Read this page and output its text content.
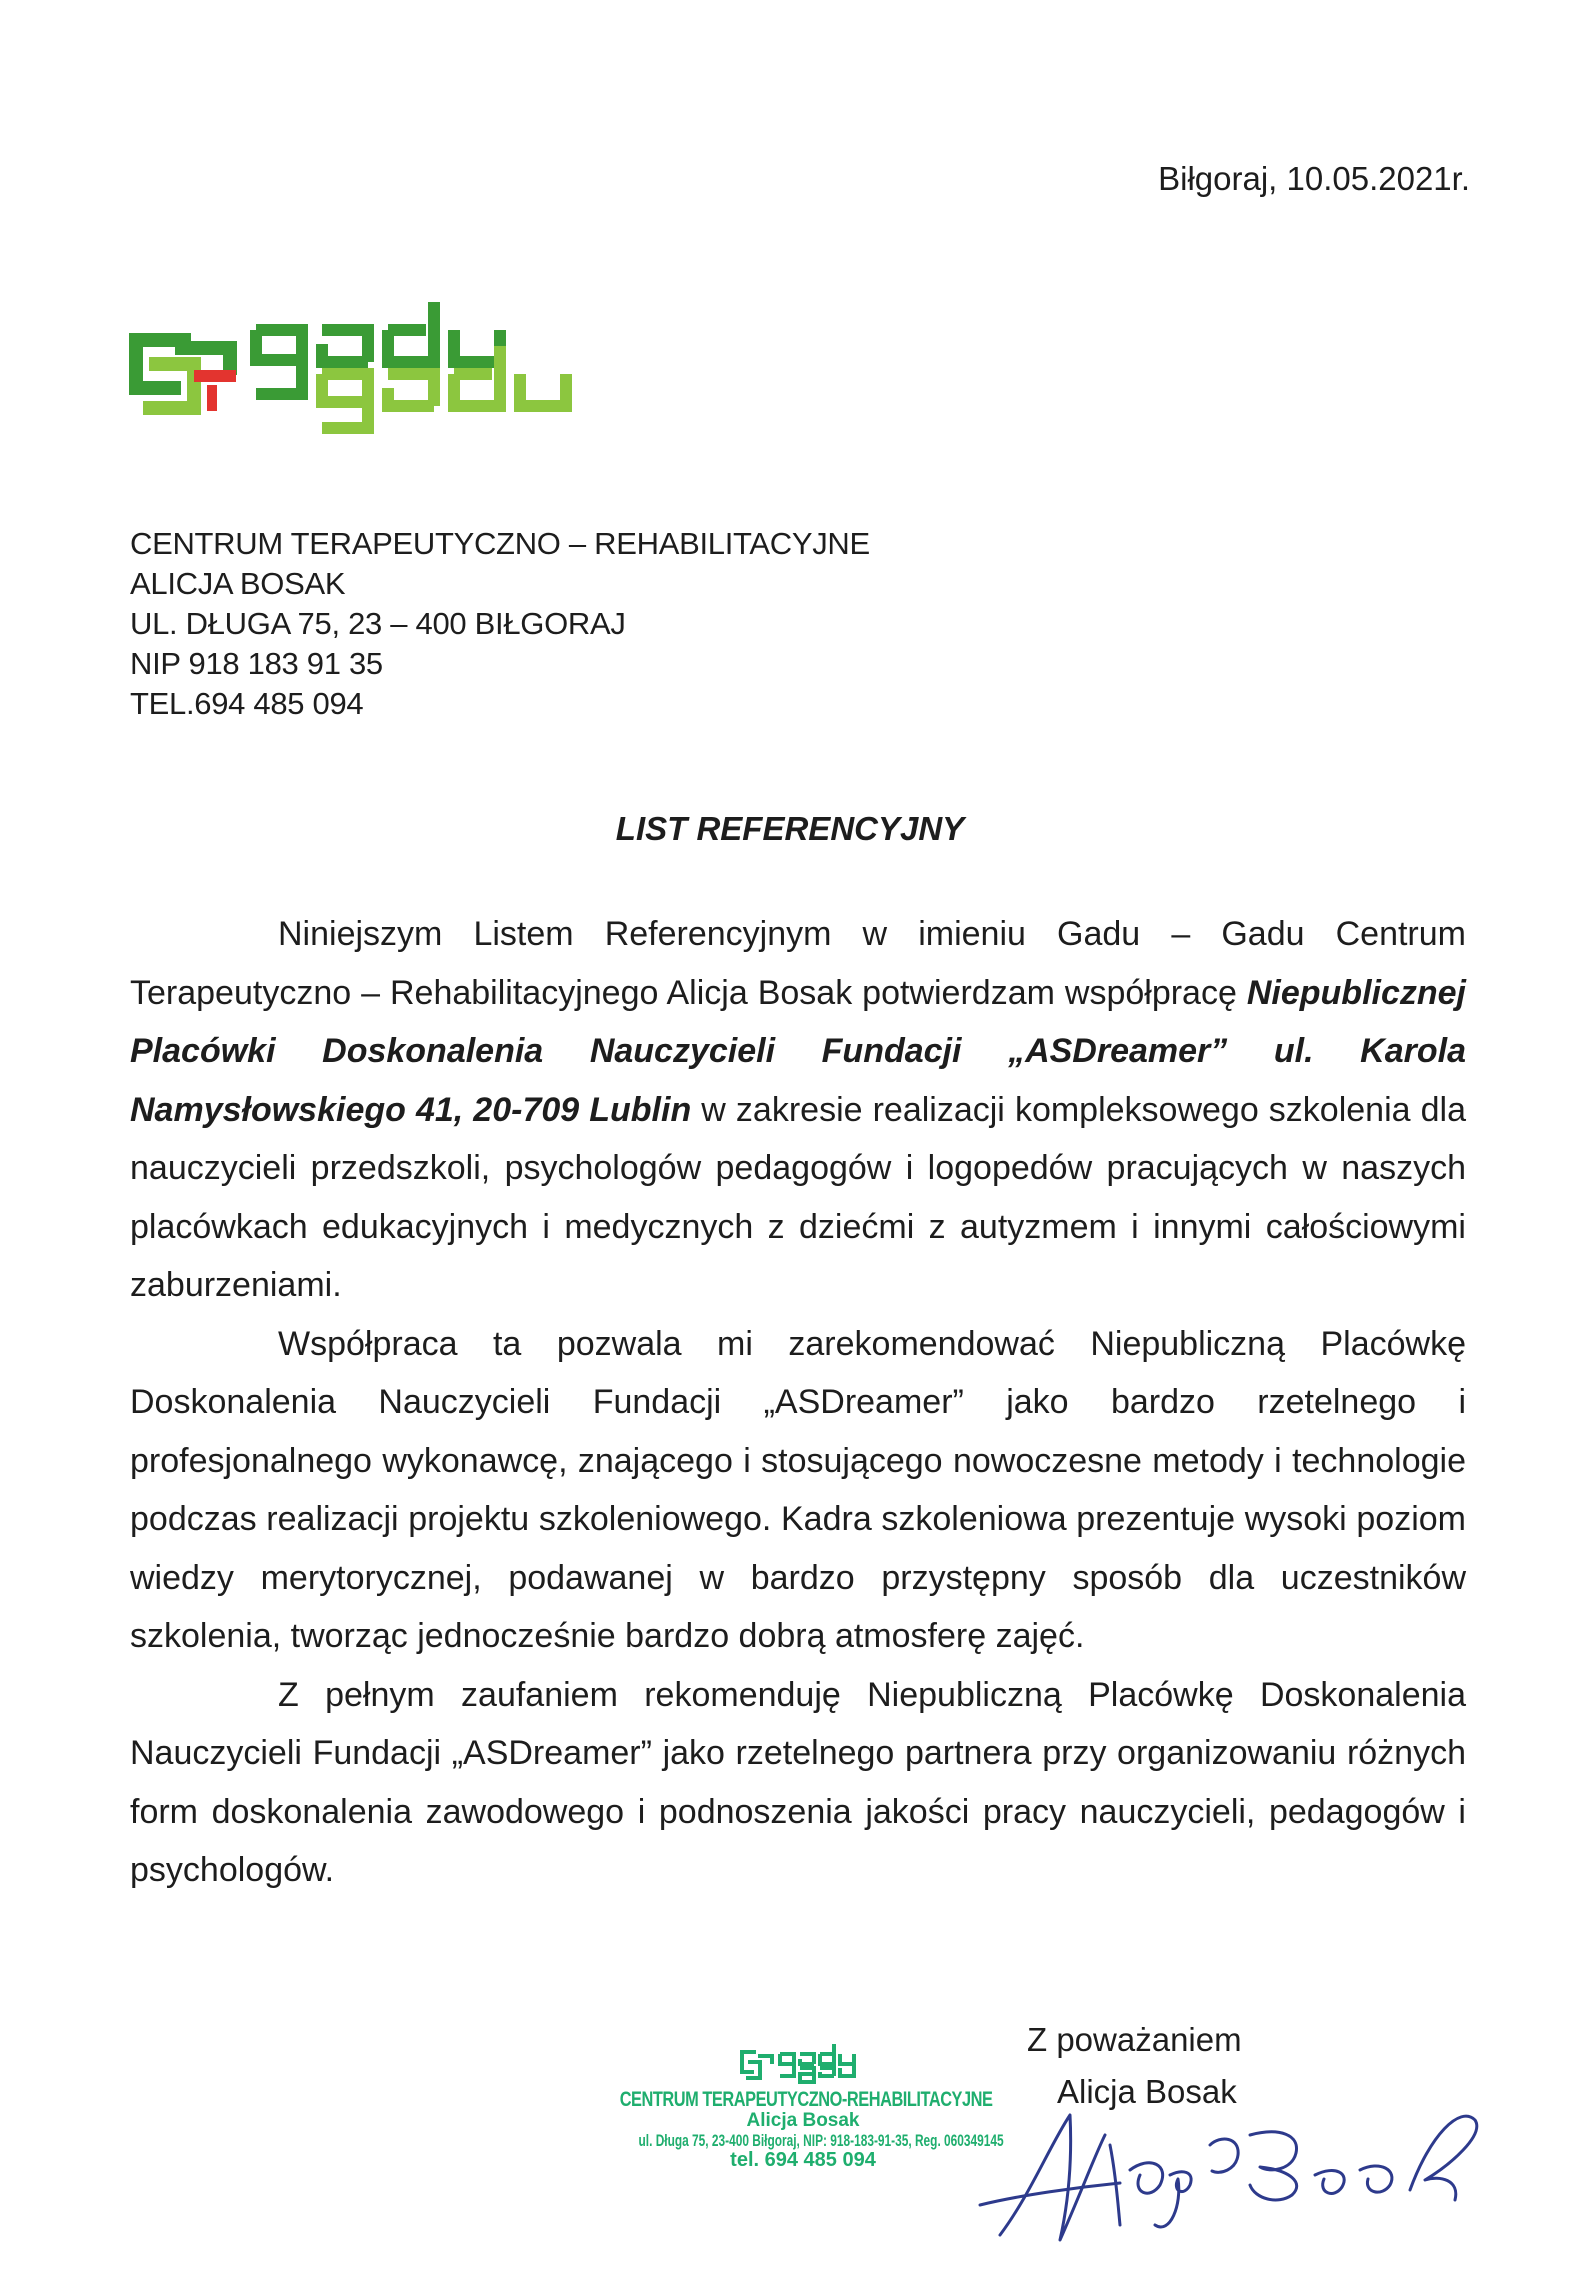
Biłgoraj, 10.05.2021r.
CENTRUM TERAPEUTYCZNO – REHABILITACYJNE
ALICJA BOSAK
UL. DŁUGA 75, 23 – 400 BIŁGORAJ
NIP 918 183 91 35
TEL.694 485 094
LIST REFERENCYJNY

Niniejszym Listem Referencyjnym w imieniu Gadu – Gadu Centrum Terapeutyczno – Rehabilitacyjnego Alicja Bosak potwierdzam współpracę Niepublicznej Placówki Doskonalenia Nauczycieli Fundacji „ASDreamer” ul. Karola Namysłowskiego 41, 20-709 Lublin w zakresie realizacji kompleksowego szkolenia dla nauczycieli przedszkoli, psychologów pedagogów i logopedów pracujących w naszych placówkach edukacyjnych i medycznych z dziećmi z autyzmem i innymi całościowymi zaburzeniami.

Współpraca ta pozwala mi zarekomendować Niepubliczną Placówkę Doskonalenia Nauczycieli Fundacji „ASDreamer” jako bardzo rzetelnego i profesjonalnego wykonawcę, znającego i stosującego nowoczesne metody i technologie podczas realizacji projektu szkoleniowego. Kadra szkoleniowa prezentuje wysoki poziom wiedzy merytorycznej, podawanej w bardzo przystępny sposób dla uczestników szkolenia, tworząc jednocześnie bardzo dobrą atmosferę zajęć.

Z pełnym zaufaniem rekomenduję Niepubliczną Placówkę Doskonalenia Nauczycieli Fundacji „ASDreamer” jako rzetelnego partnera przy organizowaniu różnych form doskonalenia zawodowego i podnoszenia jakości pracy nauczycieli, pedagogów i psychologów.

CENTRUM TERAPEUTYCZNO-REHABILITACYJNE
Alicja Bosak
ul. Długa 75, 23-400 Biłgoraj, NIP: 918-183-91-35, Reg. 060349145
tel. 694 485 094
Z poważaniem
Alicja Bosak
